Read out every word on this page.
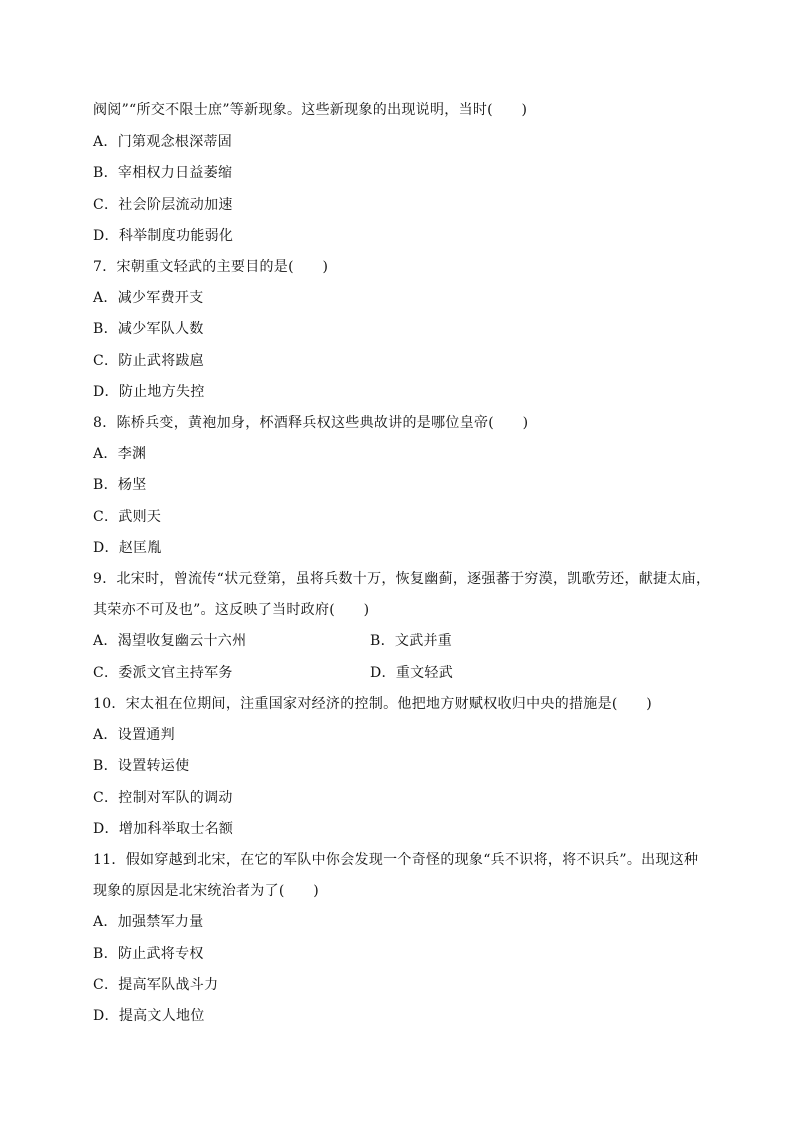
阀阅”“所交不限士庶”等新现象。这些新现象的出现说明，当时(　　)
A．门第观念根深蒂固
B．宰相权力日益萎缩
C．社会阶层流动加速
D．科举制度功能弱化
7．宋朝重文轻武的主要目的是(　　)
A．减少军费开支
B．减少军队人数
C．防止武将跋扈
D．防止地方失控
8．陈桥兵变，黄袍加身，杯酒释兵权这些典故讲的是哪位皇帝(　　)
A．李渊
B．杨坚
C．武则天
D．赵匡胤
9．北宋时，曾流传“状元登第，虽将兵数十万，恢复幽蓟，逐强蕃于穷漠，凯歌劳还，献捷太庙，
其荣亦不可及也”。这反映了当时政府(　　)
A．渴望收复幽云十六州	B．文武并重
C．委派文官主持军务	D．重文轻武
10．宋太祖在位期间，注重国家对经济的控制。他把地方财赋权收归中央的措施是(　　)
A．设置通判
B．设置转运使
C．控制对军队的调动
D．增加科举取士名额
11．假如穿越到北宋，在它的军队中你会发现一个奇怪的现象“兵不识将，将不识兵”。出现这种
现象的原因是北宋统治者为了(　　)
A．加强禁军力量
B．防止武将专权
C．提高军队战斗力
D．提高文人地位
